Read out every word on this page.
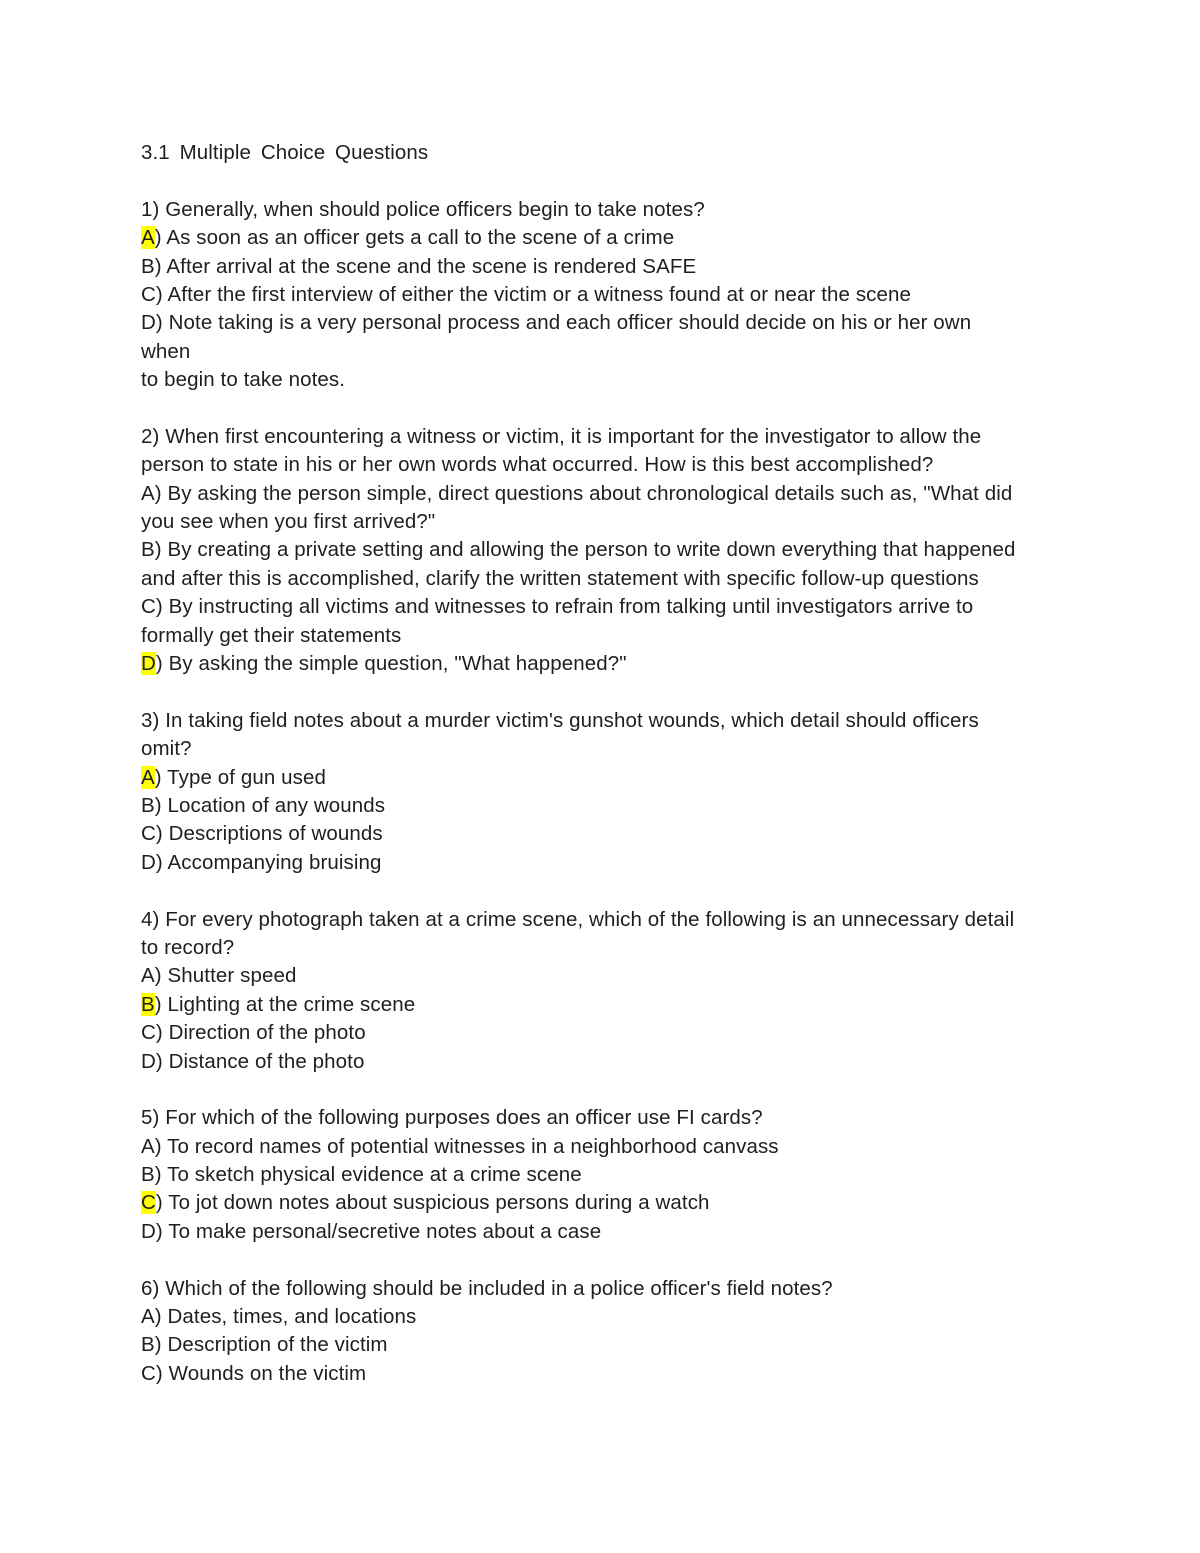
3.1 Multiple Choice Questions
1) Generally, when should police officers begin to take notes?
A) As soon as an officer gets a call to the scene of a crime
B) After arrival at the scene and the scene is rendered SAFE
C) After the first interview of either the victim or a witness found at or near the scene
D) Note taking is a very personal process and each officer should decide on his or her own
when
to begin to take notes.
2) When first encountering a witness or victim, it is important for the investigator to allow the
person to state in his or her own words what occurred. How is this best accomplished?
A) By asking the person simple, direct questions about chronological details such as, "What did
you see when you first arrived?"
B) By creating a private setting and allowing the person to write down everything that happened
and after this is accomplished, clarify the written statement with specific follow-up questions
C) By instructing all victims and witnesses to refrain from talking until investigators arrive to
formally get their statements
D) By asking the simple question, "What happened?"
3) In taking field notes about a murder victim's gunshot wounds, which detail should officers
omit?
A) Type of gun used
B) Location of any wounds
C) Descriptions of wounds
D) Accompanying bruising
4) For every photograph taken at a crime scene, which of the following is an unnecessary detail
to record?
A) Shutter speed
B) Lighting at the crime scene
C) Direction of the photo
D) Distance of the photo
5) For which of the following purposes does an officer use FI cards?
A) To record names of potential witnesses in a neighborhood canvass
B) To sketch physical evidence at a crime scene
C) To jot down notes about suspicious persons during a watch
D) To make personal/secretive notes about a case
6) Which of the following should be included in a police officer's field notes?
A) Dates, times, and locations
B) Description of the victim
C) Wounds on the victim
